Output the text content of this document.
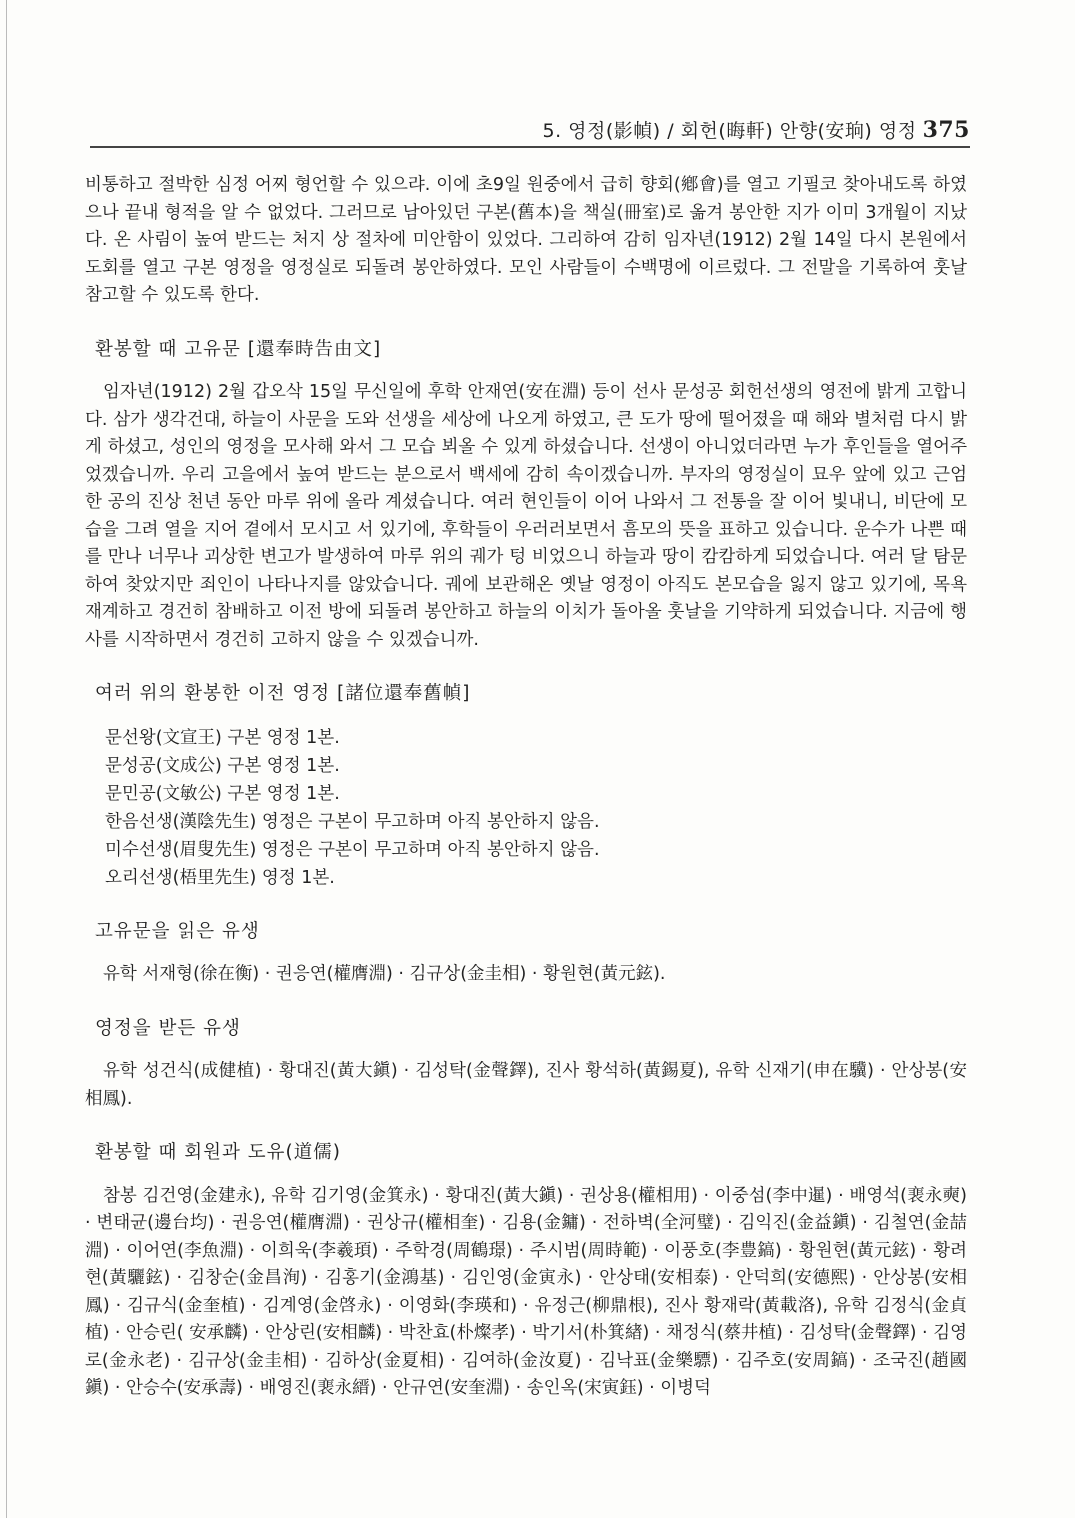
5. 영정(影幀) / 회헌(晦軒) 안향(安珦) 영정 375

비통하고 절박한 심정 어찌 형언할 수 있으랴. 이에 초9일 원중에서 급히 향회(鄕會)를 열고 기필코 찾아내도록 하였으나 끝내 형적을 알 수 없었다. 그러므로 남아있던 구본(舊本)을 책실(冊室)로 옮겨 봉안한 지가 이미 3개월이 지났다. 온 사림이 높여 받드는 처지 상 절차에 미안함이 있었다. 그리하여 감히 임자년(1912) 2월 14일 다시 본원에서 도회를 열고 구본 영정을 영정실로 되돌려 봉안하였다. 모인 사람들이 수백명에 이르렀다. 그 전말을 기록하여 훗날 참고할 수 있도록 한다.

환봉할 때 고유문 [還奉時告由文]

임자년(1912) 2월 갑오삭 15일 무신일에 후학 안재연(安在淵) 등이 선사 문성공 회헌선생의 영전에 밝게 고합니다. 삼가 생각건대, 하늘이 사문을 도와 선생을 세상에 나오게 하였고, 큰 도가 땅에 떨어졌을 때 해와 별처럼 다시 밝게 하셨고, 성인의 영정을 모사해 와서 그 모습 뵈올 수 있게 하셨습니다. 선생이 아니었더라면 누가 후인들을 열어주었겠습니까. 우리 고을에서 높여 받드는 분으로서 백세에 감히 속이겠습니까. 부자의 영정실이 묘우 앞에 있고 근엄한 공의 진상 천년 동안 마루 위에 올라 계셨습니다. 여러 현인들이 이어 나와서 그 전통을 잘 이어 빛내니, 비단에 모습을 그려 열을 지어 곁에서 모시고 서 있기에, 후학들이 우러러보면서 흠모의 뜻을 표하고 있습니다. 운수가 나쁜 때를 만나 너무나 괴상한 변고가 발생하여 마루 위의 궤가 텅 비었으니 하늘과 땅이 캄캄하게 되었습니다. 여러 달 탐문하여 찾았지만 죄인이 나타나지를 않았습니다. 궤에 보관해온 옛날 영정이 아직도 본모습을 잃지 않고 있기에, 목욕재계하고 경건히 참배하고 이전 방에 되돌려 봉안하고 하늘의 이치가 돌아올 훗날을 기약하게 되었습니다. 지금에 행사를 시작하면서 경건히 고하지 않을 수 있겠습니까.

여러 위의 환봉한 이전 영정 [諸位還奉舊幀]
문선왕(文宣王) 구본 영정 1본.
문성공(文成公) 구본 영정 1본.
문민공(文敏公) 구본 영정 1본.
한음선생(漢陰先生) 영정은 구본이 무고하며 아직 봉안하지 않음.
미수선생(眉叟先生) 영정은 구본이 무고하며 아직 봉안하지 않음.
오리선생(梧里先生) 영정 1본.
고유문을 읽은 유생

유학 서재형(徐在衡) · 권응연(權膺淵) · 김규상(金圭相) · 황원현(黃元鉉).

영정을 받든 유생

유학 성건식(成健植) · 황대진(黃大鎭) · 김성탁(金聲鐸), 진사 황석하(黃錫夏), 유학 신재기(申在驥) · 안상봉(安相鳳).

환봉할 때 회원과 도유(道儒)

참봉 김건영(金建永), 유학 김기영(金箕永) · 황대진(黃大鎭) · 권상용(權相用) · 이중섬(李中暹) · 배영석(裵永奭) · 변태균(邊台均) · 권응연(權膺淵) · 권상규(權相奎) · 김용(金鏞) · 전하벽(全河璧) · 김익진(金益鎭) · 김철연(金喆淵) · 이어연(李魚淵) · 이희욱(李羲頊) · 주학경(周鶴璟) · 주시범(周時範) · 이풍호(李豊鎬) · 황원현(黃元鉉) · 황려현(黃驪鉉) · 김창순(金昌洵) · 김홍기(金鴻基) · 김인영(金寅永) · 안상태(安相泰) · 안덕희(安德熙) · 안상봉(安相鳳) · 김규식(金奎植) · 김계영(金啓永) · 이영화(李瑛和) · 유정근(柳鼎根), 진사 황재락(黃載洛), 유학 김정식(金貞植) · 안승린( 安承麟) · 안상린(安相麟) · 박찬효(朴燦孝) · 박기서(朴箕緖) · 채정식(蔡井植) · 김성탁(金聲鐸) · 김영로(金永老) · 김규상(金圭相) · 김하상(金夏相) · 김여하(金汝夏) · 김낙표(金樂驃) · 김주호(安周鎬) · 조국진(趙國鎭) · 안승수(安承壽) · 배영진(裵永縉) · 안규연(安奎淵) · 송인옥(宋寅鈺) · 이병덕
